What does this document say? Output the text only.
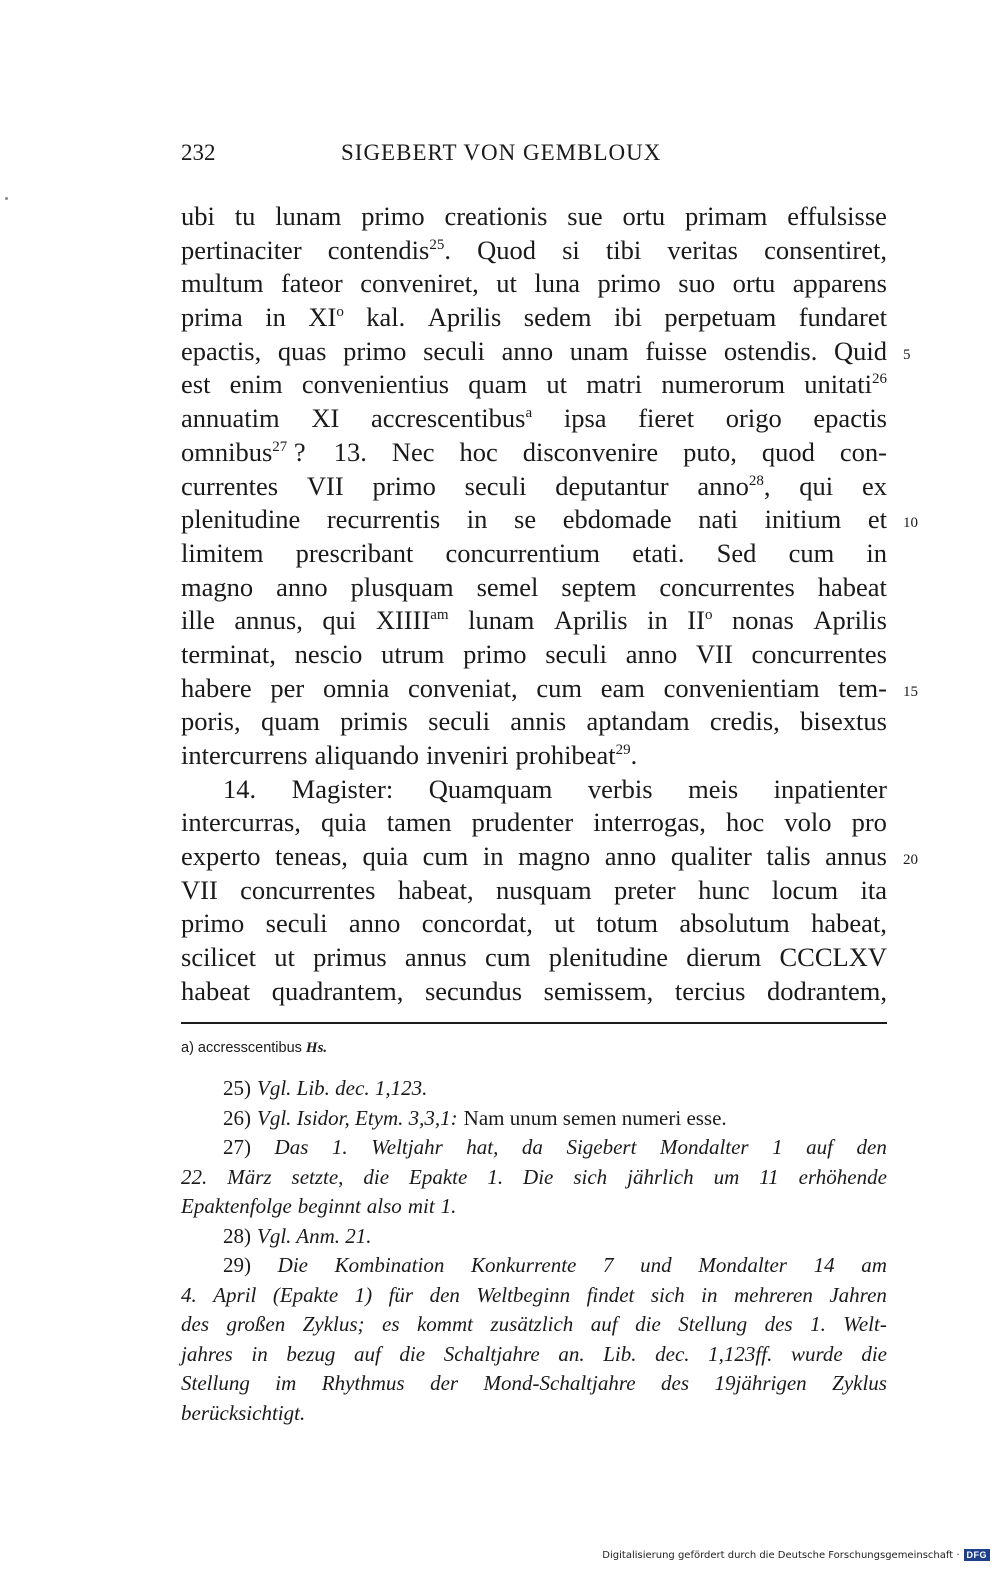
232	SIGEBERT VON GEMBLOUX
ubi tu lunam primo creationis sue ortu primam effulsisse
pertinaciter contendis$^{25}$. Quod si tibi veritas consentiret,
multum fateor conveniret, ut luna primo suo ortu apparens
prima in $XI^o$ kal. Aprilis sedem ibi perpetuam fundaret
epactis, quas primo seculi anno unam fuisse ostendis. Quid
est enim convenientius quam ut matri numerorum unitati$^{26}$
annuatim XI accrescentibus$^a$ ipsa fieret origo epactis
omnibus$^{27}$ ? 13. Nec hoc disconvenire puto, quod con-
currentes VII primo seculi deputantur anno$^{28}$, qui ex
plenitudine recurrentis in se ebdomade nati initium et
limitem prescribant concurrentium etati. Sed cum in
magno anno plusquam semel septem concurrentes habeat
ille annus, qui $XIIII^{am}$ lunam Aprilis in $II^o$ nonas Aprilis
terminat, nescio utrum primo seculi anno VII concurrentes
habere per omnia conveniat, cum eam convenientiam tem-
poris, quam primis seculi annis aptandam credis, bisextus
intercurrens aliquando inveniri prohibeat$^{29}$.
14. Magister: Quamquam verbis meis inpatienter
intercurras, quia tamen prudenter interrogas, hoc volo pro
experto teneas, quia cum in magno anno qualiter talis annus
VII concurrentes habeat, nusquam preter hunc locum ita
primo seculi anno concordat, ut totum absolutum habeat,
scilicet ut primus annus cum plenitudine dierum CCCLXV
habeat quadrantem, secundus semissem, tercius dodrantem,
5
10
15
20
a) accresscentibus Hs.
25) Vgl. Lib. dec. 1,123.
26) Vgl. Isidor, Etym. 3,3,1: Nam unum semen numeri esse.
27) Das 1. Weltjahr hat, da Sigebert Mondalter 1 auf den
22. März setzte, die Epakte 1. Die sich jährlich um 11 erhöhende
Epaktenfolge beginnt also mit 1.
28) Vgl. Anm. 21.
29) Die Kombination Konkurrente 7 und Mondalter 14 am
4. April (Epakte 1) für den Weltbeginn findet sich in mehreren Jahren
des großen Zyklus; es kommt zusätzlich auf die Stellung des 1. Welt-
jahres in bezug auf die Schaltjahre an. Lib. dec. 1,123ff. wurde die
Stellung im Rhythmus der Mond-Schaltjahre des 19jährigen Zyklus
berücksichtigt.
Digitalisierung gefördert durch die Deutsche Forschungsgemeinschaft · DFG
